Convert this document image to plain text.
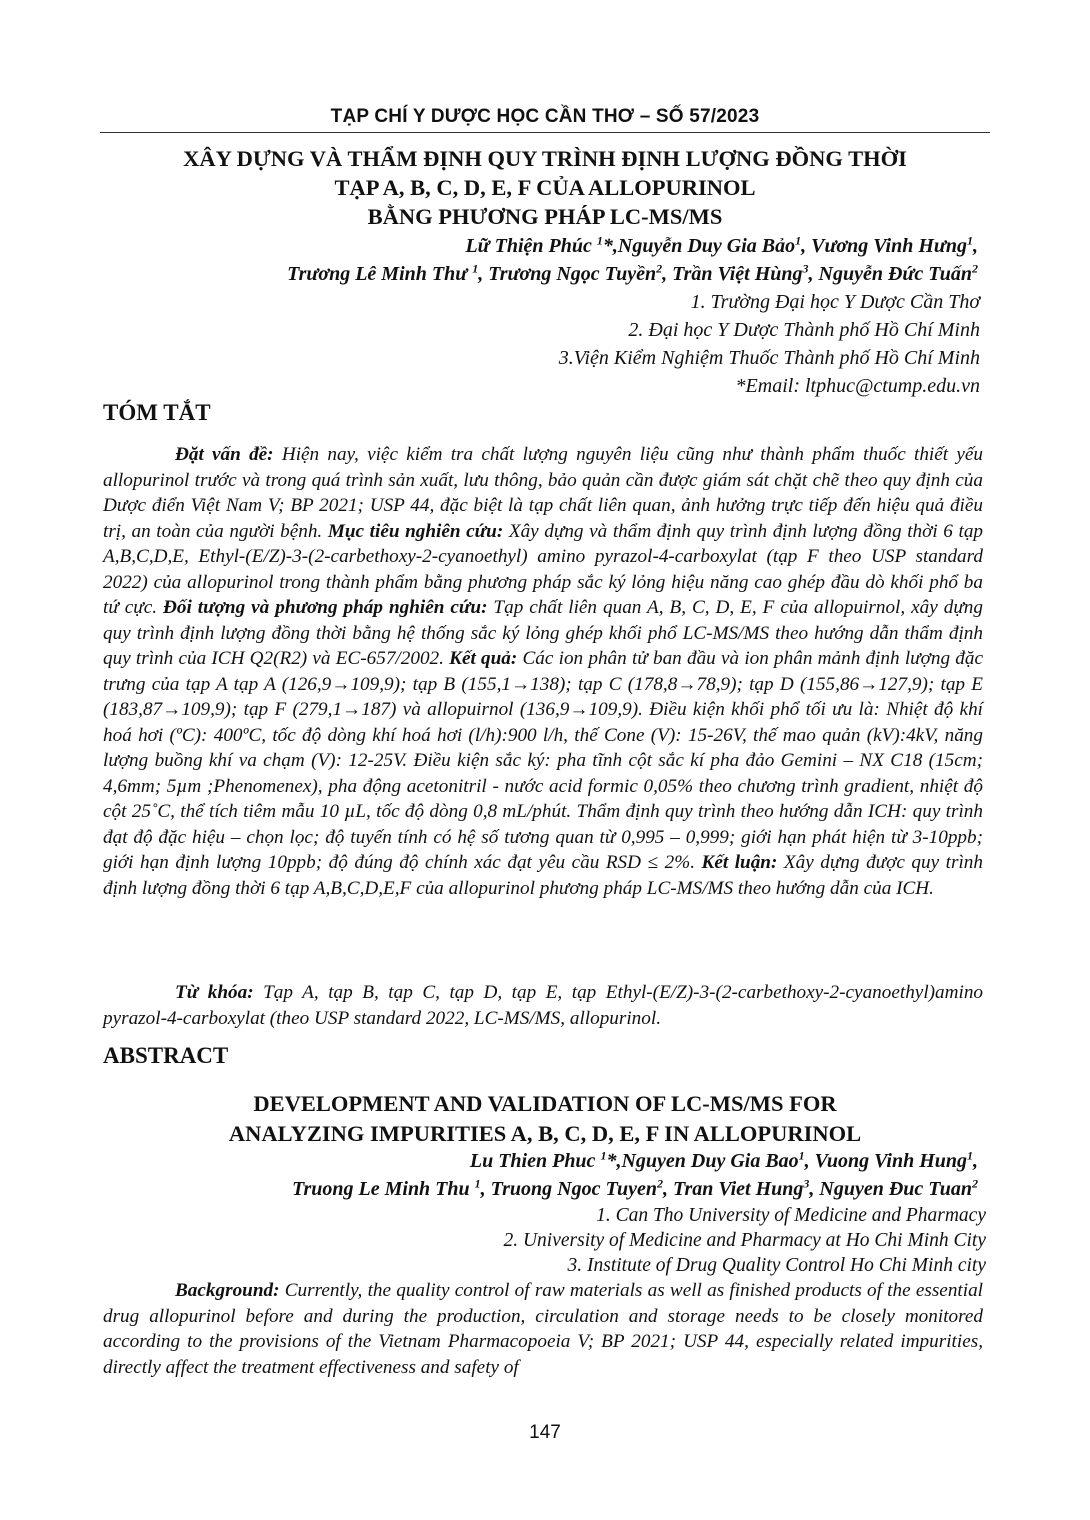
TẠP CHÍ Y DƯỢC HỌC CẦN THƠ – SỐ 57/2023
XÂY DỰNG VÀ THẨM ĐỊNH QUY TRÌNH ĐỊNH LƯỢNG ĐỒNG THỜI
TẠP A, B, C, D, E, F CỦA ALLOPURINOL
BẰNG PHƯƠNG PHÁP LC-MS/MS
Lữ Thiện Phúc $^1$*,Nguyễn Duy Gia Bảo$^1$, Vương Vinh Hưng$^1$,
Trương Lê Minh Thư $^1$, Trương Ngọc Tuyền$^2$, Trần Việt Hùng$^3$, Nguyễn Đức Tuấn$^2$
1. Trường Đại học Y Dược Cần Thơ
2. Đại học Y Dược Thành phố Hồ Chí Minh
3.Viện Kiểm Nghiệm Thuốc Thành phố Hồ Chí Minh
*Email: ltphuc@ctump.edu.vn
TÓM TẮT
Đặt vấn đề: Hiện nay, việc kiểm tra chất lượng nguyên liệu cũng như thành phẩm thuốc thiết yếu allopurinol trước và trong quá trình sản xuất, lưu thông, bảo quản cần được giám sát chặt chẽ theo quy định của Dược điển Việt Nam V; BP 2021; USP 44, đặc biệt là tạp chất liên quan, ảnh hưởng trực tiếp đến hiệu quả điều trị, an toàn của người bệnh. Mục tiêu nghiên cứu: Xây dựng và thẩm định quy trình định lượng đồng thời 6 tạp A,B,C,D,E, Ethyl-(E/Z)-3-(2-carbethoxy-2-cyanoethyl) amino pyrazol-4-carboxylat (tạp F theo USP standard 2022) của allopurinol trong thành phẩm bằng phương pháp sắc ký lỏng hiệu năng cao ghép đầu dò khối phổ ba tứ cực. Đối tượng và phương pháp nghiên cứu: Tạp chất liên quan A, B, C, D, E, F của allopuirnol, xây dựng quy trình định lượng đồng thời bằng hệ thống sắc ký lỏng ghép khối phổ LC-MS/MS theo hướng dẫn thẩm định quy trình của ICH Q2(R2) và EC-657/2002. Kết quả: Các ion phân tử ban đầu và ion phân mảnh định lượng đặc trưng của tạp A tạp A (126,9→109,9); tạp B (155,1→138); tạp C (178,8→78,9); tạp D (155,86→127,9); tạp E (183,87→109,9); tạp F (279,1→187) và allopuirnol (136,9→109,9). Điều kiện khối phổ tối ưu là: Nhiệt độ khí hoá hơi (ºC): 400ºC, tốc độ dòng khí hoá hơi (l/h):900 l/h, thế Cone (V): 15-26V, thế mao quản (kV):4kV, năng lượng buồng khí va chạm (V): 12-25V. Điều kiện sắc ký: pha tĩnh cột sắc kí pha đảo Gemini – NX C18 (15cm; 4,6mm; 5µm ;Phenomenex), pha động acetonitril - nước acid formic 0,05% theo chương trình gradient, nhiệt độ cột 25˚C, thể tích tiêm mẫu 10 µL, tốc độ dòng 0,8 mL/phút. Thẩm định quy trình theo hướng dẫn ICH: quy trình đạt độ đặc hiệu – chọn lọc; độ tuyến tính có hệ số tương quan từ 0,995 – 0,999; giới hạn phát hiện từ 3-10ppb; giới hạn định lượng 10ppb; độ đúng độ chính xác đạt yêu cầu RSD ≤ 2%. Kết luận: Xây dựng được quy trình định lượng đồng thời 6 tạp A,B,C,D,E,F của allopurinol phương pháp LC-MS/MS theo hướng dẫn của ICH.
Từ khóa: Tạp A, tạp B, tạp C, tạp D, tạp E, tạp Ethyl-(E/Z)-3-(2-carbethoxy-2-cyanoethyl)amino pyrazol-4-carboxylat (theo USP standard 2022, LC-MS/MS, allopurinol.
ABSTRACT
DEVELOPMENT AND VALIDATION OF LC-MS/MS FOR
ANALYZING IMPURITIES A, B, C, D, E, F IN ALLOPURINOL
Lu Thien Phuc $^1$*,Nguyen Duy Gia Bao$^1$, Vuong Vinh Hung$^1$,
Truong Le Minh Thu $^1$, Truong Ngoc Tuyen$^2$, Tran Viet Hung$^3$, Nguyen Đuc Tuan$^2$
1. Can Tho University of Medicine and Pharmacy
2. University of Medicine and Pharmacy at Ho Chi Minh City
3. Institute of Drug Quality Control Ho Chi Minh city
Background: Currently, the quality control of raw materials as well as finished products of the essential drug allopurinol before and during the production, circulation and storage needs to be closely monitored according to the provisions of the Vietnam Pharmacopoeia V; BP 2021; USP 44, especially related impurities, directly affect the treatment effectiveness and safety of
147
